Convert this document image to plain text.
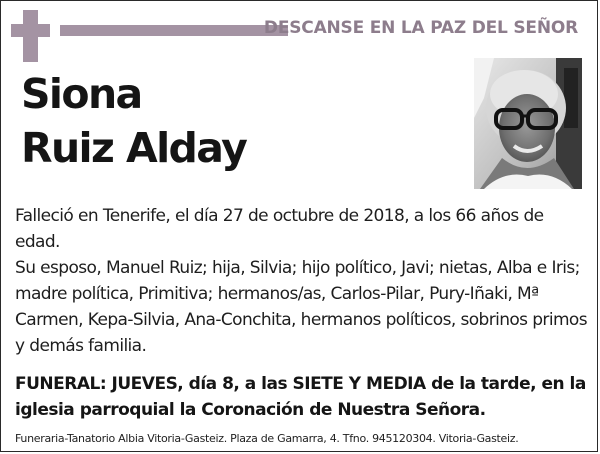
DESCANSE EN LA PAZ DEL SEÑOR
Siona
Ruiz Alday

Falleció en Tenerife, el día 27 de octubre de 2018, a los 66 años de edad.

Su esposo, Manuel Ruiz; hija, Silvia; hijo político, Javi; nietas, Alba e Iris; madre política, Primitiva; hermanos/as, Carlos-Pilar, Pury-Iñaki, Mª Carmen, Kepa-Silvia, Ana-Conchita, hermanos políticos, sobrinos primos y demás familia.

FUNERAL: JUEVES, día 8, a las SIETE Y MEDIA de la tarde, en la iglesia parroquial la Coronación de Nuestra Señora.
Funeraria-Tanatorio Albia Vitoria-Gasteiz. Plaza de Gamarra, 4. Tfno. 945120304. Vitoria-Gasteiz.
